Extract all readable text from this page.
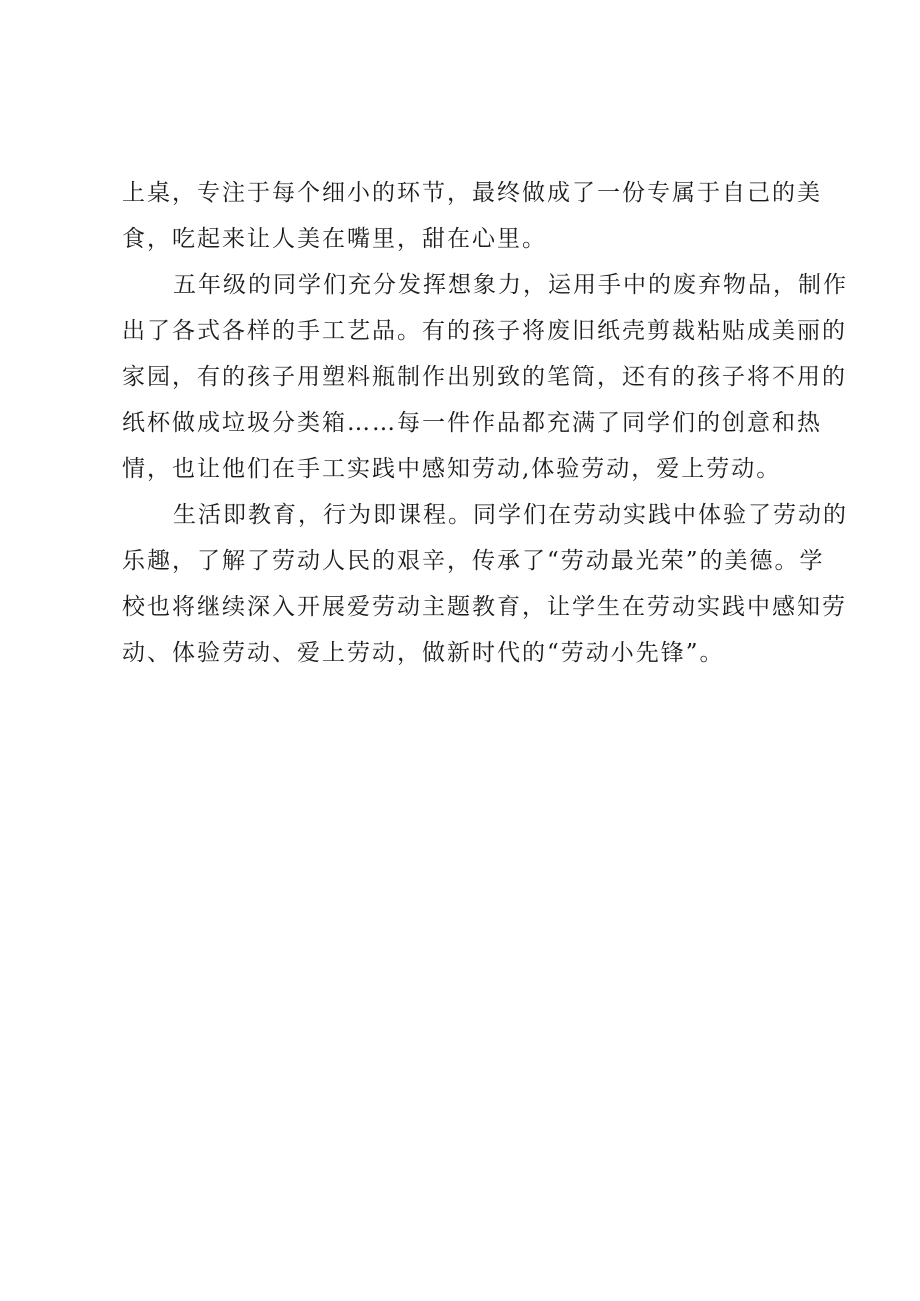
上桌，专注于每个细小的环节，最终做成了一份专属于自己的美
食，吃起来让人美在嘴里，甜在心里。
五年级的同学们充分发挥想象力，运用手中的废弃物品，制作
出了各式各样的手工艺品。有的孩子将废旧纸壳剪裁粘贴成美丽的
家园，有的孩子用塑料瓶制作出别致的笔筒，还有的孩子将不用的
纸杯做成垃圾分类箱……每一件作品都充满了同学们的创意和热
情，也让他们在手工实践中感知劳动,体验劳动，爱上劳动。
生活即教育，行为即课程。同学们在劳动实践中体验了劳动的
乐趣，了解了劳动人民的艰辛，传承了“劳动最光荣”的美德。学
校也将继续深入开展爱劳动主题教育，让学生在劳动实践中感知劳
动、体验劳动、爱上劳动，做新时代的“劳动小先锋”。
